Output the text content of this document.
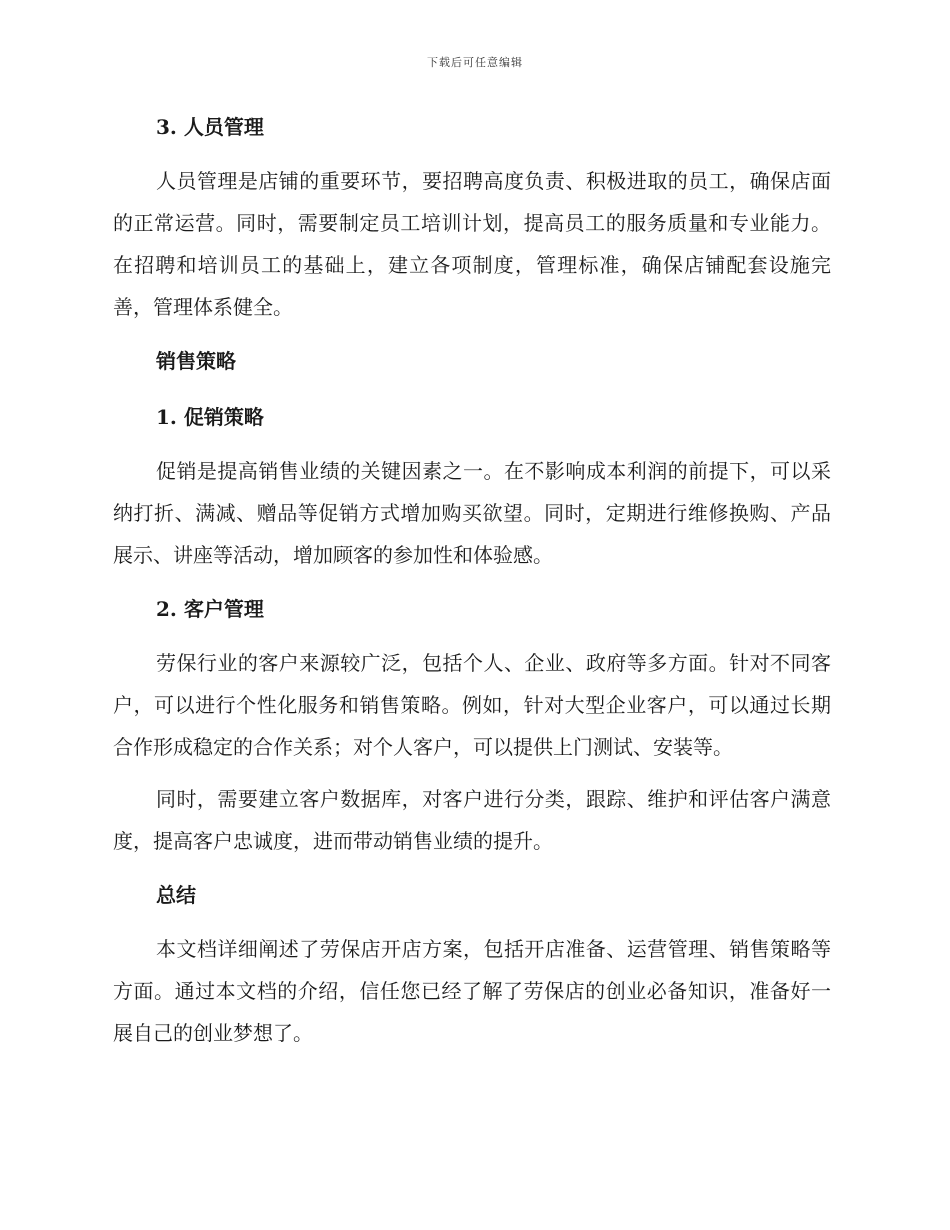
下载后可任意编辑
3. 人员管理

人员管理是店铺的重要环节，要招聘高度负责、积极进取的员工，确保店面的正常运营。同时，需要制定员工培训计划，提高员工的服务质量和专业能力。在招聘和培训员工的基础上，建立各项制度，管理标准，确保店铺配套设施完善，管理体系健全。

销售策略
1. 促销策略

促销是提高销售业绩的关键因素之一。在不影响成本利润的前提下，可以采纳打折、满减、赠品等促销方式增加购买欲望。同时，定期进行维修换购、产品展示、讲座等活动，增加顾客的参加性和体验感。

2. 客户管理

劳保行业的客户来源较广泛，包括个人、企业、政府等多方面。针对不同客户，可以进行个性化服务和销售策略。例如，针对大型企业客户，可以通过长期合作形成稳定的合作关系；对个人客户，可以提供上门测试、安装等。

同时，需要建立客户数据库，对客户进行分类，跟踪、维护和评估客户满意度，提高客户忠诚度，进而带动销售业绩的提升。

总结

本文档详细阐述了劳保店开店方案，包括开店准备、运营管理、销售策略等方面。通过本文档的介绍，信任您已经了解了劳保店的创业必备知识，准备好一展自己的创业梦想了。
